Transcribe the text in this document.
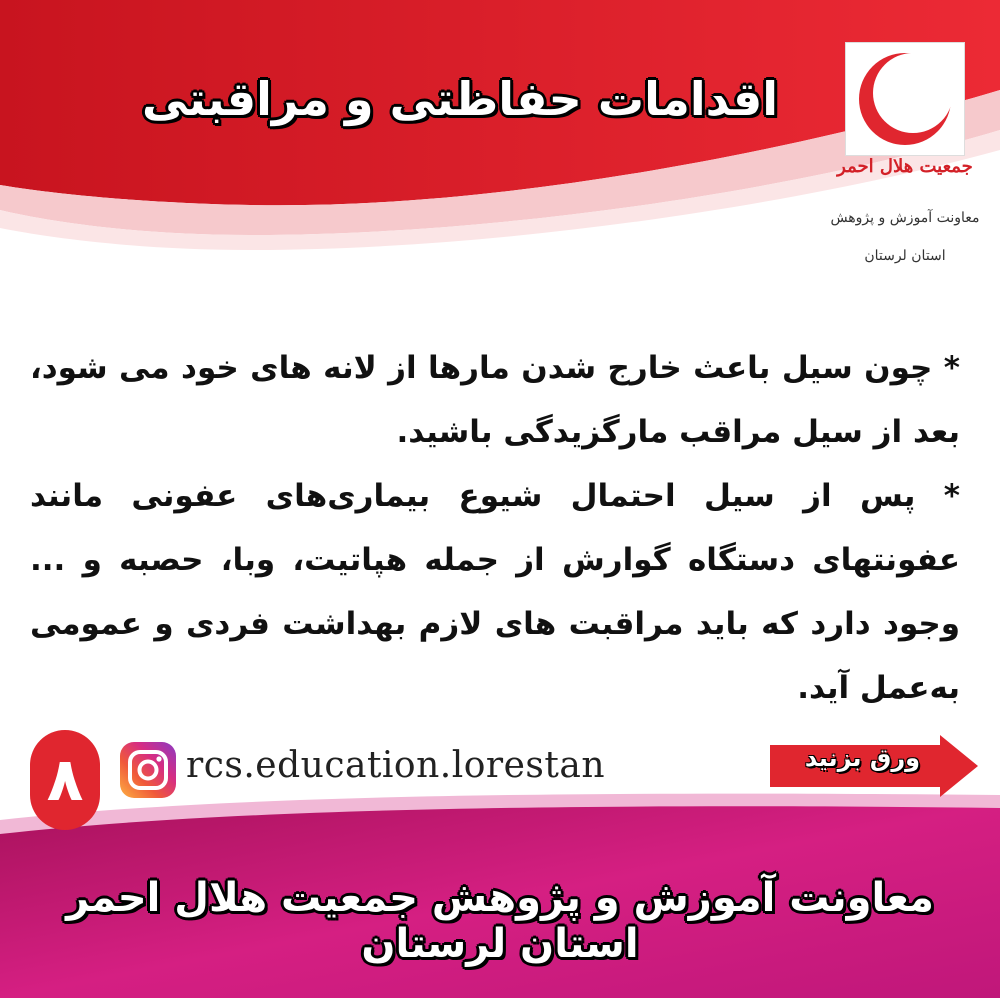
اقدامات حفاظتی و مراقبتی
جمعیت هلال احمر
معاونت آموزش و پژوهش
استان لرستان

* چون سیل باعث خارج شدن مارها از لانه های خود می شود، بعد از سیل مراقب مارگزیدگی باشید.

* پس از سیل احتمال شیوع بیماری‌های عفونی مانند عفونتهای دستگاه گوارش از جمله هپاتیت، وبا، حصبه و ... وجود دارد که باید مراقبت های لازم بهداشت فردی و عمومی به‌عمل آید.

۸	rcs.education.lorestan	ورق بزنید
معاونت آموزش و پژوهش جمعیت هلال احمر استان لرستان
